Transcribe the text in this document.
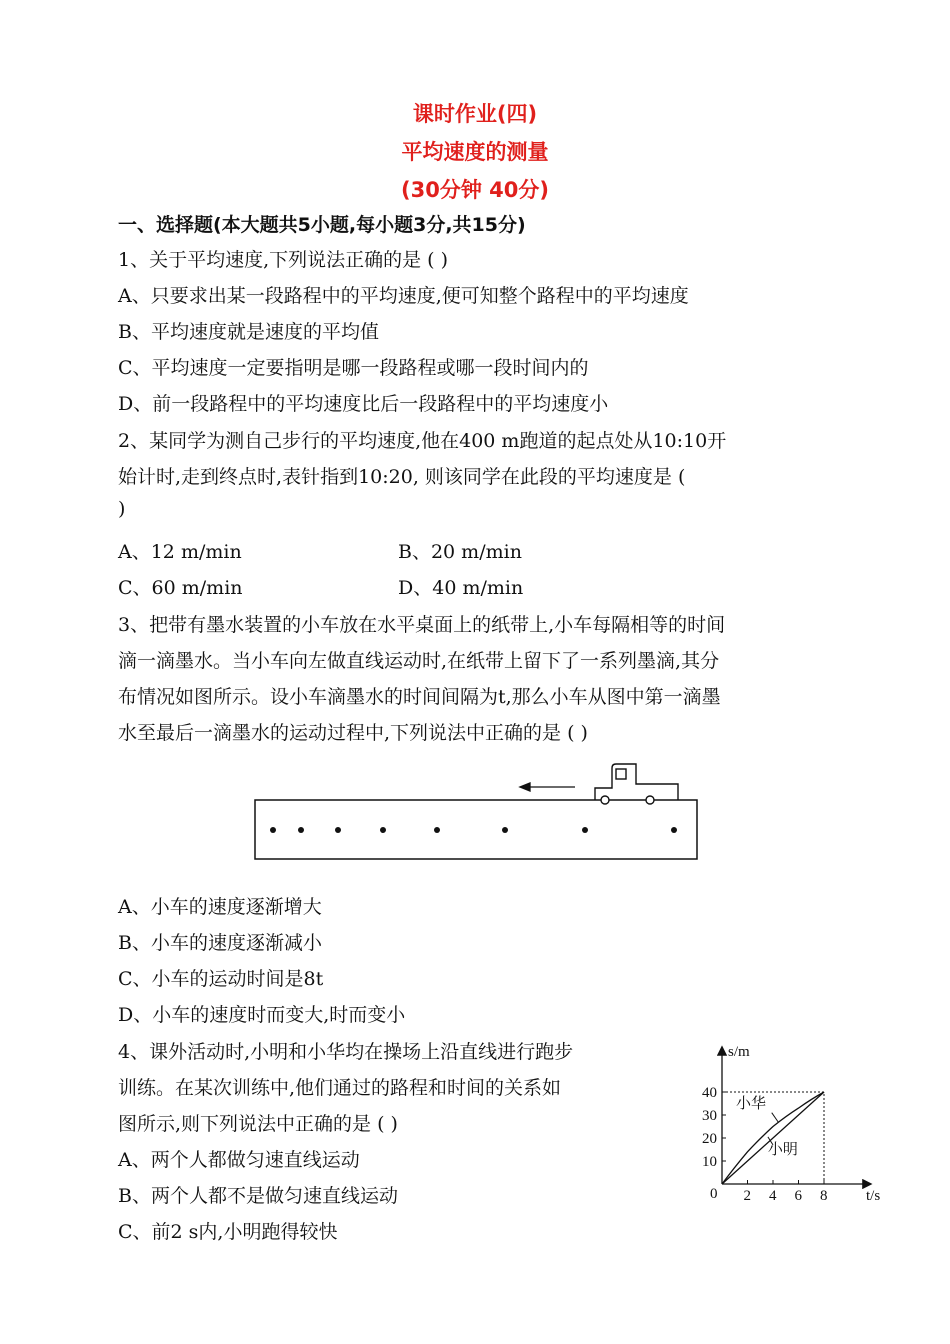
课时作业(四)
平均速度的测量
(30分钟 40分)
一、选择题(本大题共5小题,每小题3分,共15分)
1、关于平均速度,下列说法正确的是 ( )
A、只要求出某一段路程中的平均速度,便可知整个路程中的平均速度
B、平均速度就是速度的平均值
C、平均速度一定要指明是哪一段路程或哪一段时间内的
D、前一段路程中的平均速度比后一段路程中的平均速度小
2、某同学为测自己步行的平均速度,他在400 m跑道的起点处从10:10开
始计时,走到终点时,表针指到10:20, 则该同学在此段的平均速度是 (
)
A、12 m/min	B、20 m/min
C、60 m/min	D、40 m/min
3、把带有墨水装置的小车放在水平桌面上的纸带上,小车每隔相等的时间
滴一滴墨水。当小车向左做直线运动时,在纸带上留下了一系列墨滴,其分
布情况如图所示。设小车滴墨水的时间间隔为t,那么小车从图中第一滴墨
水至最后一滴墨水的运动过程中,下列说法中正确的是 ( )
A、小车的速度逐渐增大
B、小车的速度逐渐减小
C、小车的运动时间是8t
D、小车的速度时而变大,时而变小
4、课外活动时,小明和小华均在操场上沿直线进行跑步
训练。在某次训练中,他们通过的路程和时间的关系如
图所示,则下列说法中正确的是 ( )
A、两个人都做匀速直线运动
B、两个人都不是做匀速直线运动
C、前2 s内,小明跑得较快
s/m
t/s
0 2 4 6 8
10
20
30
40
小华
小明
